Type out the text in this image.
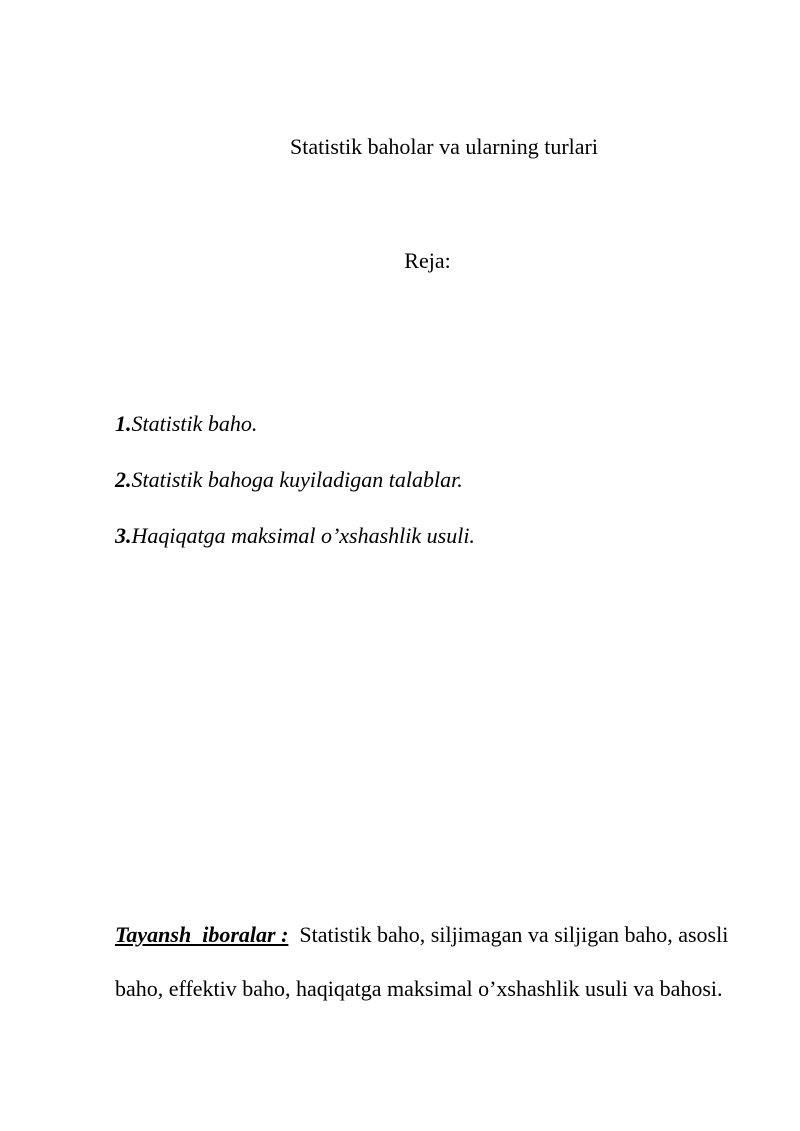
Statistik baholar va ularning turlari
Reja:
1.Statistik baho.
2.Statistik bahoga kuyiladigan talablar.
3.Haqiqatga maksimal o’xshashlik usuli.

Tayansh  iboralar : Statistik baho, siljimagan va siljigan baho, asosli baho, effektiv baho, haqiqatga maksimal o’xshashlik usuli va bahosi.
